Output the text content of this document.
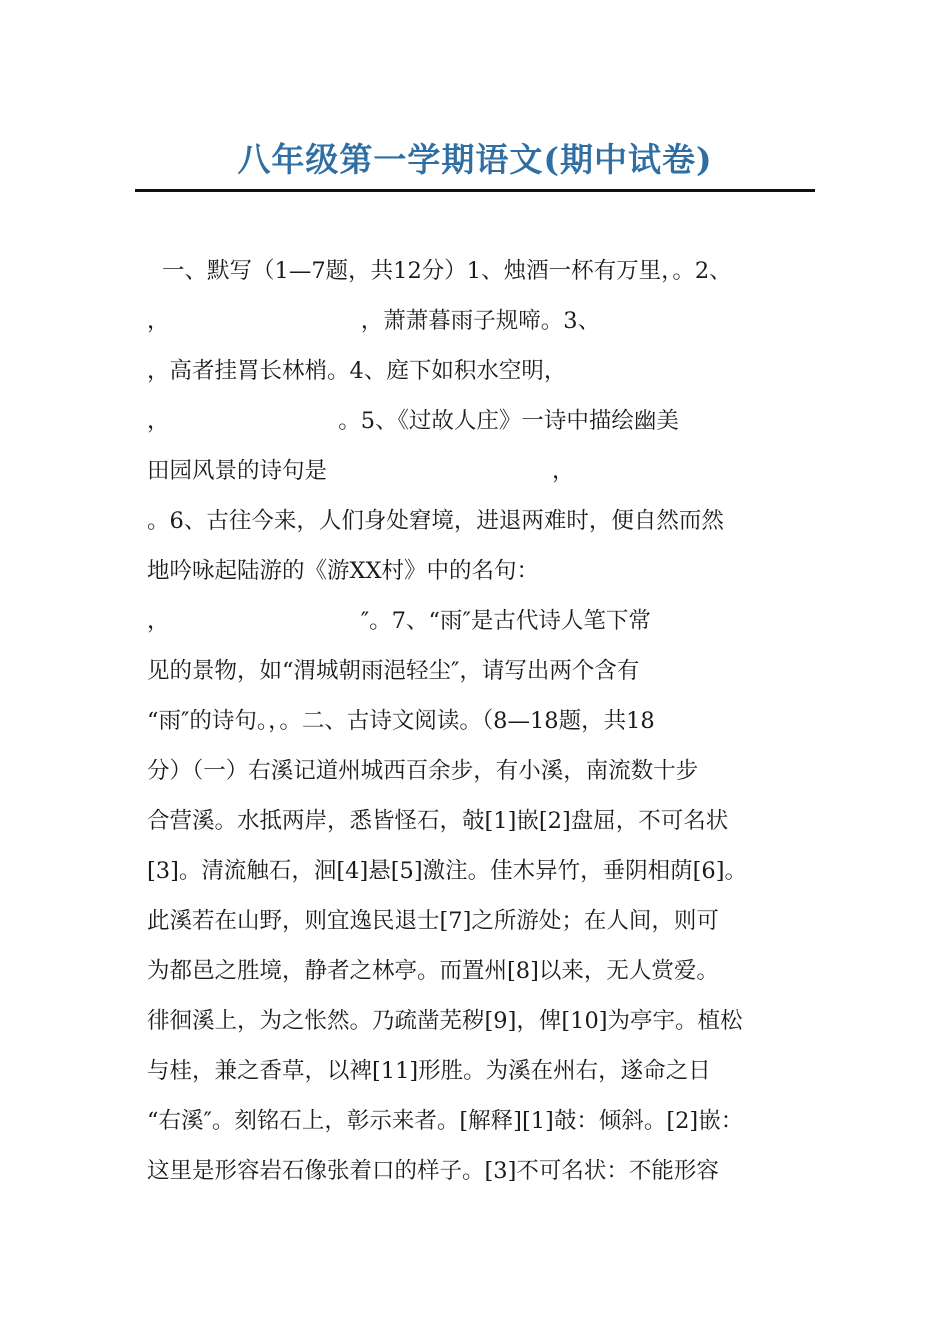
八年级第一学期语文(期中试卷)
一、默写（1—7题，共12分）1、烛酒一杯有万里，。2、
，　　　　　　　　　，萧萧暮雨子规啼。3、
，高者挂罥长林梢。4、庭下如积水空明，
，　　　　　　　　。5、《过故人庄》一诗中描绘幽美
田园风景的诗句是　　　　　　　　　　，
。6、古往今来，人们身处窘境，进退两难时，便自然而然
地吟咏起陆游的《游XX村》中的名句：
，　　　　　　　　　″。7、“雨″是古代诗人笔下常
见的景物，如“渭城朝雨浥轻尘″，请写出两个含有
“雨″的诗句。，。二、古诗文阅读。（8—18题，共18
分）（一）右溪记道州城西百余步，有小溪，南流数十步
合营溪。水抵两岸，悉皆怪石，攲[1]嵌[2]盘屈，不可名状
[3]。清流触石，洄[4]悬[5]激注。佳木异竹，垂阴相荫[6]。
此溪若在山野，则宜逸民退士[7]之所游处；在人间，则可
为都邑之胜境，静者之林亭。而置州[8]以来，无人赏爱。
徘徊溪上，为之怅然。乃疏凿芜秽[9]，俾[10]为亭宇。植松
与桂，兼之香草，以裨[11]形胜。为溪在州右，遂命之日
“右溪″。刻铭石上，彰示来者。[解释][1]攲：倾斜。[2]嵌：
这里是形容岩石像张着口的样子。[3]不可名状：不能形容
